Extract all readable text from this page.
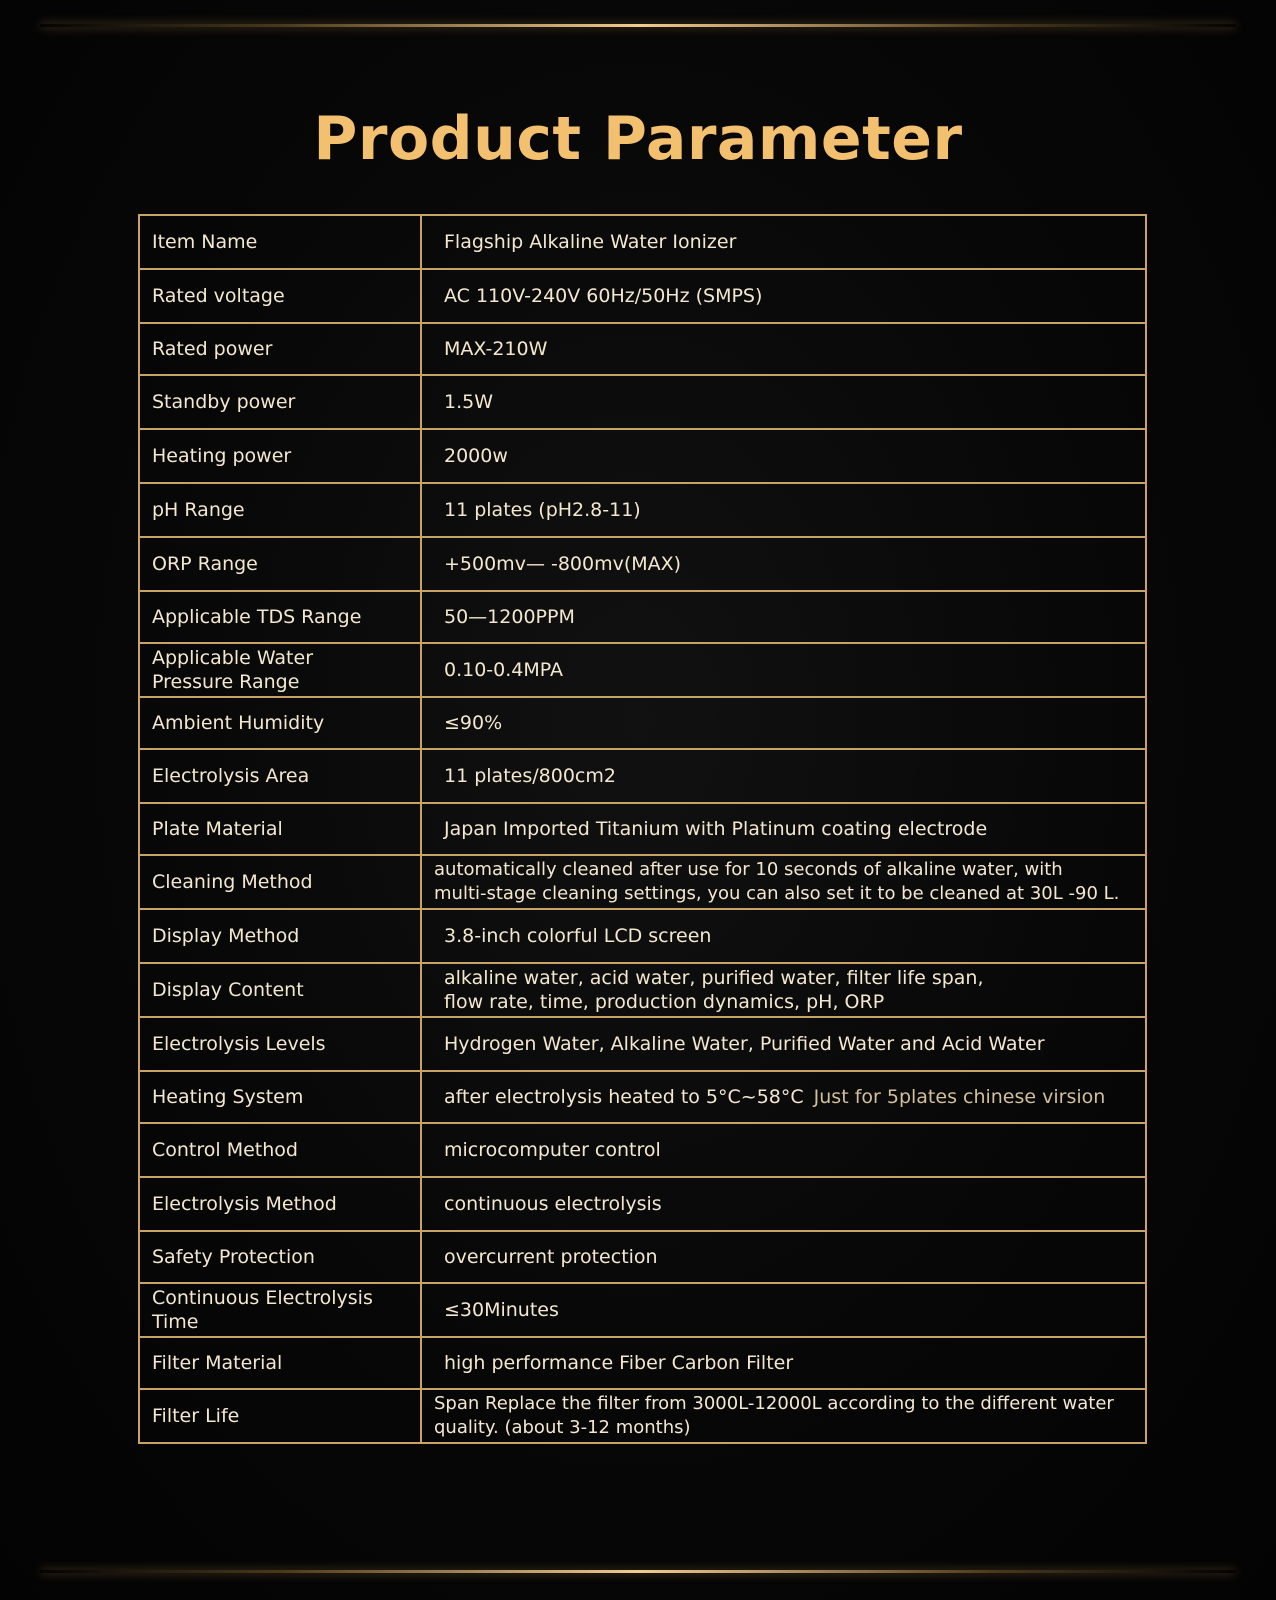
Product Parameter
Item Name	Flagship Alkaline Water Ionizer
Rated voltage	AC 110V-240V 60Hz/50Hz (SMPS)
Rated power	MAX-210W
Standby power	1.5W
Heating power	2000w
pH Range	11 plates (pH2.8-11)
ORP Range	+500mv— -800mv(MAX)
Applicable TDS Range	50—1200PPM

Applicable Water
Pressure Range	0.10-0.4MPA
Ambient Humidity	≤90%
Electrolysis Area	11 plates/800cm2
Plate Material	Japan Imported Titanium with Platinum coating electrode
Cleaning Method	automatically cleaned after use for 10 seconds of alkaline water, with
multi-stage cleaning settings, you can also set it to be cleaned at 30L -90 L.

Display Method	3.8-inch colorful LCD screen
Display Content	alkaline water, acid water, purified water, filter life span,
flow rate, time, production dynamics, pH, ORP

Electrolysis Levels	Hydrogen Water, Alkaline Water, Purified Water and Acid Water
Heating System	after electrolysis heated to 5°C~58°C Just for 5plates chinese virsion
Control Method	microcomputer control
Electrolysis Method	continuous electrolysis
Safety Protection	overcurrent protection

Continuous Electrolysis
Time	≤30Minutes
Filter Material	high performance Fiber Carbon Filter
Filter Life	Span Replace the filter from 3000L-12000L according to the different water
quality. (about 3-12 months)
